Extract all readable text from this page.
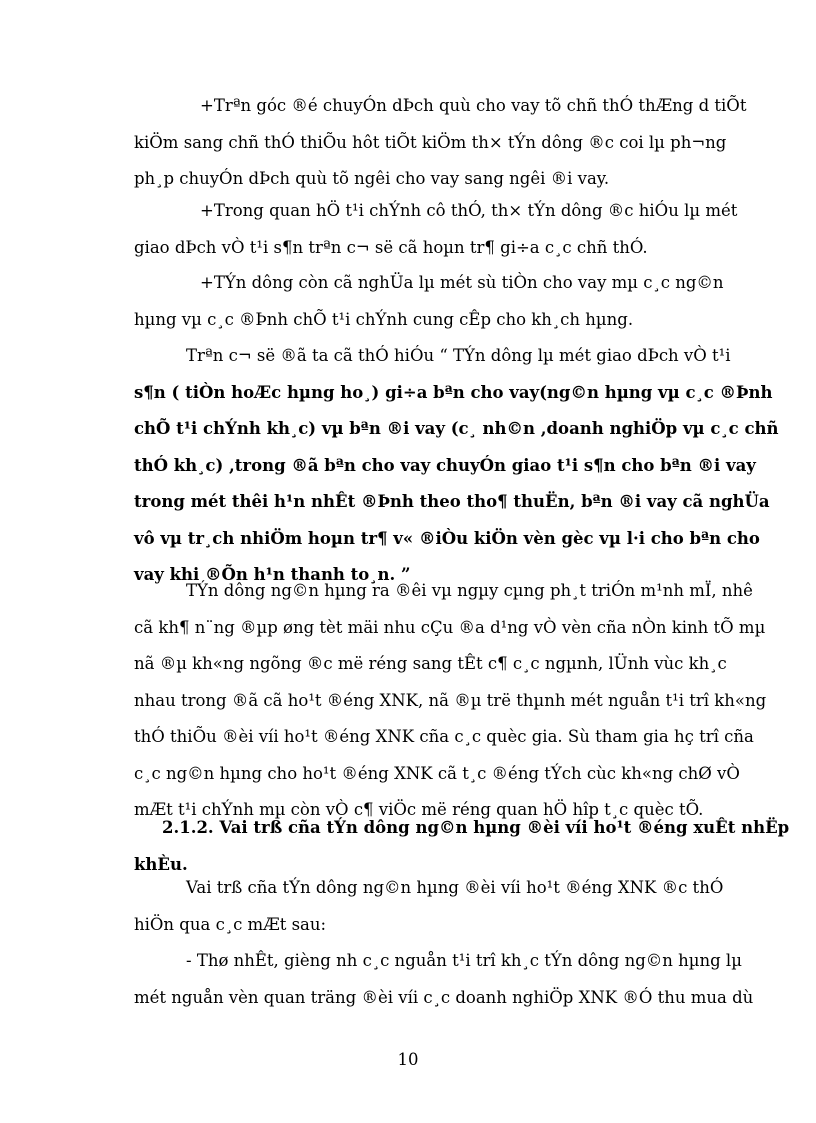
+Trªn góc ®é chuyÓn dÞch quù cho vay tõ chñ thÓ thÆng d tiÕt
kiÖm sang chñ thÓ thiÕu hôt tiÕt kiÖm th× tÝn dông ®c coi lµ ph¬ng
ph¸p chuyÓn dÞch quù tõ ngêi cho vay sang ngêi ®i vay.
+Trong quan hÖ t¹i chÝnh cô thÓ, th× tÝn dông ®c hiÓu lµ mét
giao dÞch vÒ t¹i s¶n trªn c¬ së cã hoµn tr¶ gi÷a c¸c chñ thÓ.
+TÝn dông còn cã nghÜa lµ mét sù tiÒn cho vay mµ c¸c ng©n
hµng vµ c¸c ®Þnh chÕ t¹i chÝnh cung cÊp cho kh¸ch hµng.
Trªn c¬ së ®ã ta cã thÓ hiÓu “ TÝn dông lµ mét giao dÞch vÒ t¹i
s¶n ( tiÒn hoÆc hµng ho¸) gi÷a bªn cho vay(ng©n hµng vµ c¸c ®Þnh
chÕ t¹i chÝnh kh¸c) vµ bªn ®i vay (c¸ nh©n ,doanh nghiÖp vµ c¸c chñ
thÓ kh¸c) ,trong ®ã bªn cho vay chuyÓn giao t¹i s¶n cho bªn ®i vay
trong mét thêi h¹n nhÊt ®Þnh theo tho¶ thuËn, bªn ®i vay cã nghÜa
vô vµ tr¸ch nhiÖm hoµn tr¶ v« ®iÒu kiÖn vèn gèc vµ l·i cho bªn cho
vay khi ®Õn h¹n thanh to¸n. ”
TÝn dông ng©n hµng ra ®êi vµ ngµy cµng ph¸t triÓn m¹nh mÏ, nhê
cã kh¶ n¨ng ®µp øng tèt mäi nhu cÇu ®a d¹ng vÒ vèn cña nÒn kinh tÕ mµ
nã ®µ kh«ng ngõng ®c më réng sang tÊt c¶ c¸c ngµnh, lÜnh vùc kh¸c
nhau trong ®ã cã ho¹t ®éng XNK, nã ®µ trë thµnh mét nguån t¹i trî kh«ng
thÓ thiÕu ®èi víi ho¹t ®éng XNK cña c¸c quèc gia. Sù tham gia hç trî cña
c¸c ng©n hµng cho ho¹t ®éng XNK cã t¸c ®éng tÝch cùc kh«ng chØ vÒ
mÆt t¹i chÝnh mµ còn vÒ c¶ viÖc më réng quan hÖ hîp t¸c quèc tÕ.
2.1.2. Vai trß cña tÝn dông ng©n hµng ®èi víi ho¹t ®éng xuÊt nhËp
khÈu.
Vai trß cña tÝn dông ng©n hµng ®èi víi ho¹t ®éng XNK ®c thÓ
hiÖn qua c¸c mÆt sau:
- Thø nhÊt, gièng nh c¸c nguån t¹i trî kh¸c tÝn dông ng©n hµng lµ
mét nguån vèn quan träng ®èi víi c¸c doanh nghiÖp XNK ®Ó thu mua dù
10
